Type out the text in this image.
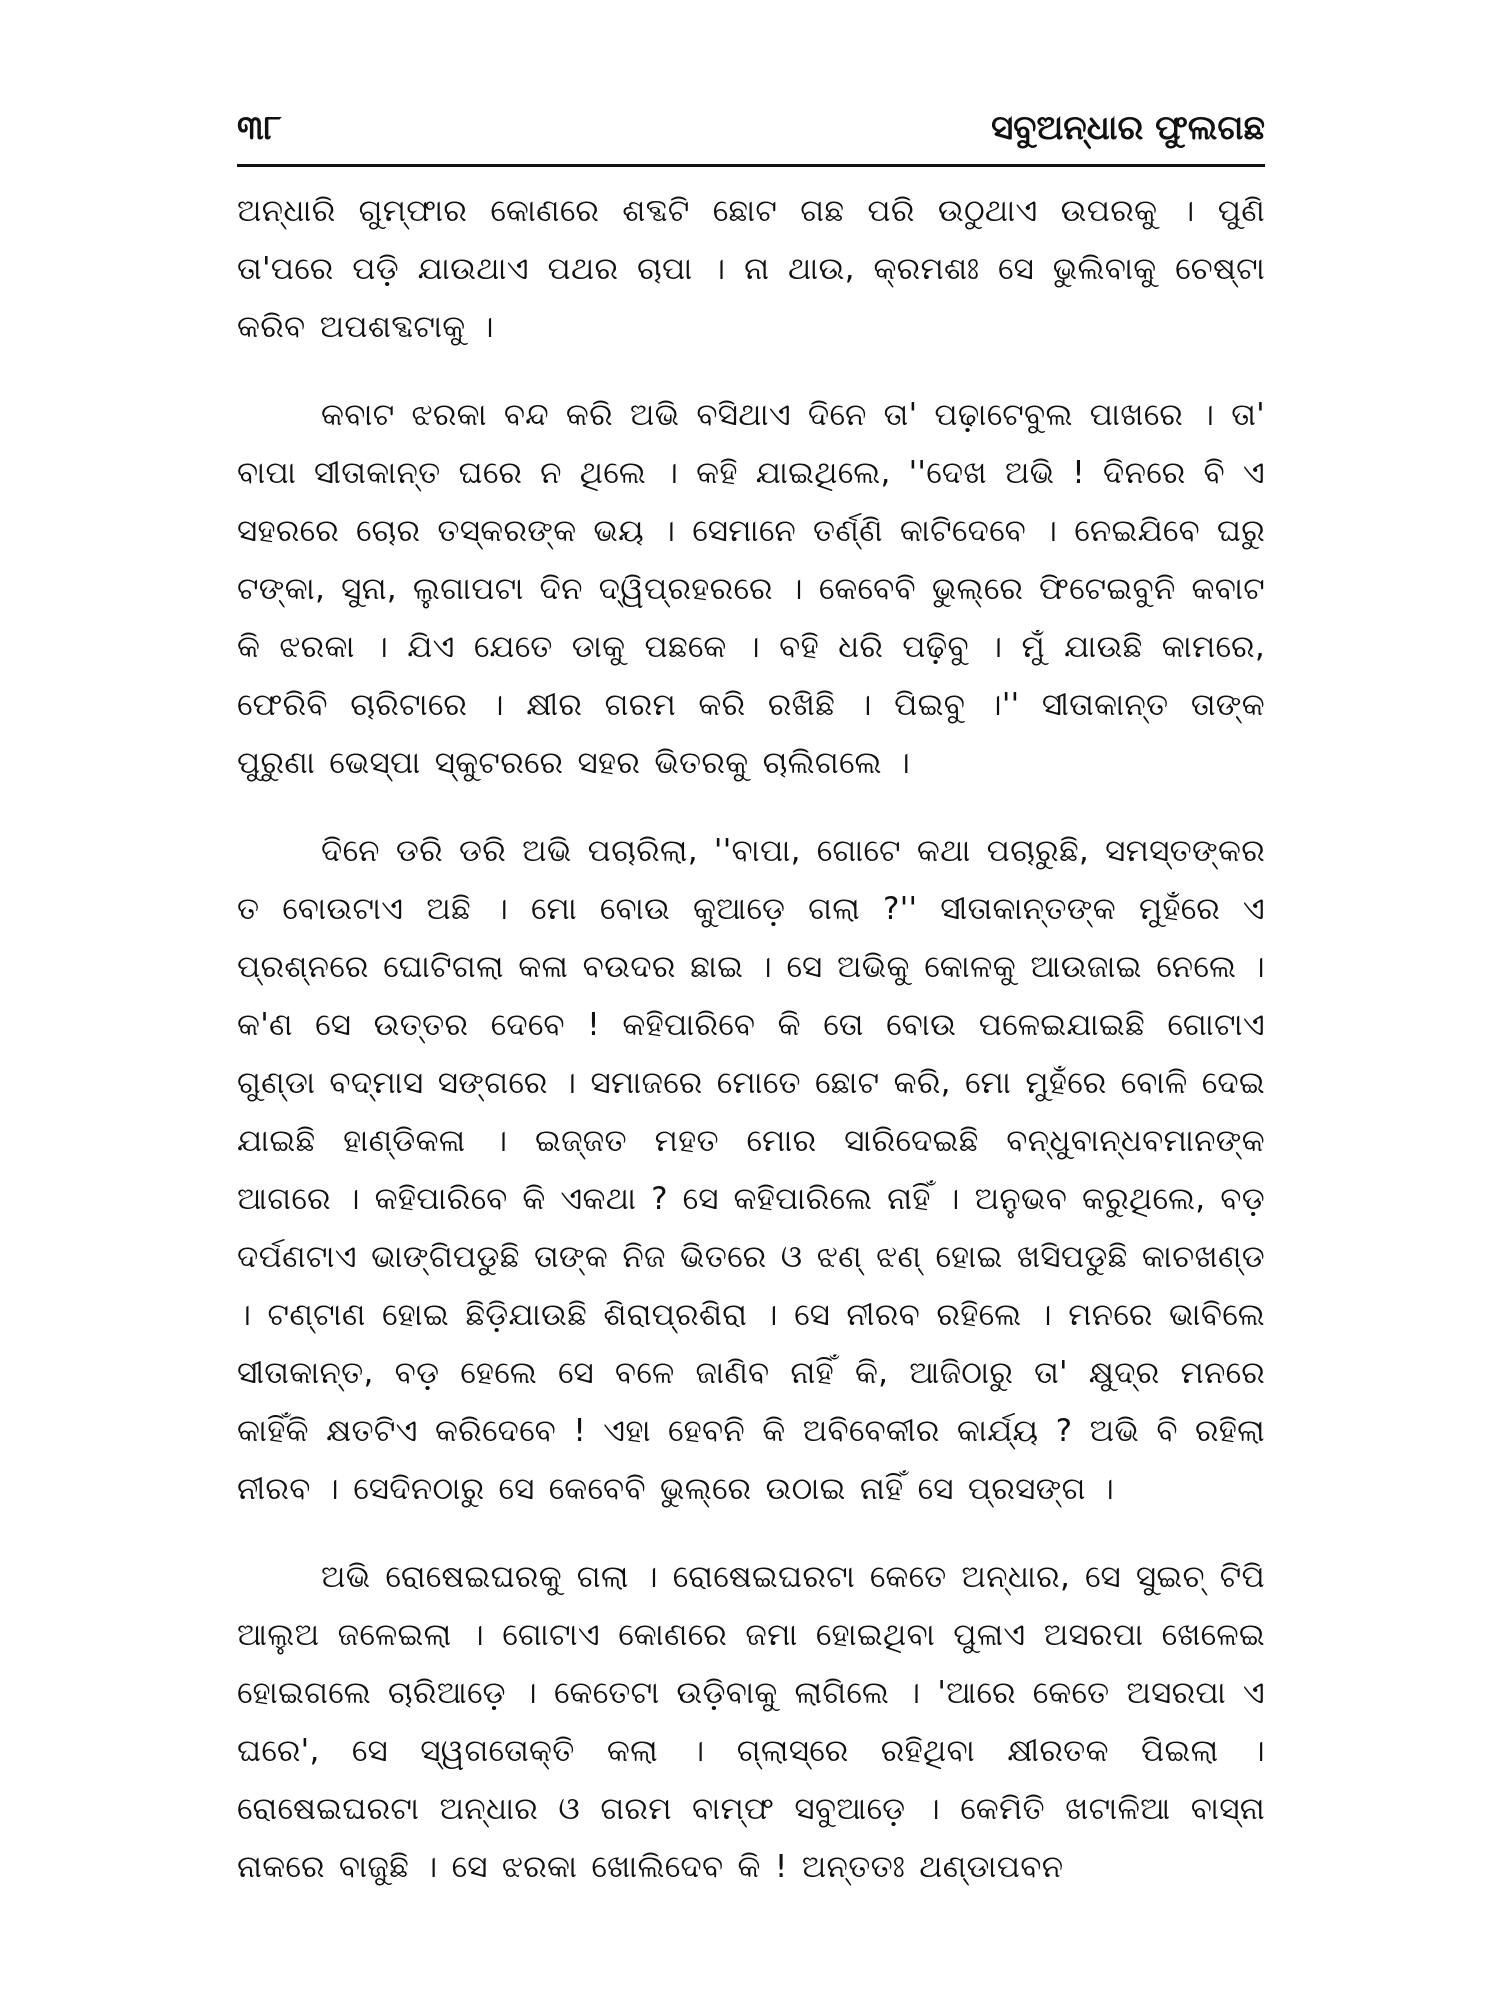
୩୮	ସବୁଅନ୍ଧାର ଫୁଲଗଛ

ଅନ୍ଧାରି ଗୁମ୍ଫାର କୋଣରେ ଶବ୍ଦଟି ଛୋଟ ଗଛ ପରି ଉଠୁଥାଏ ଉପରକୁ । ପୁଣି ତା'ପରେ ପଡ଼ି ଯାଉଥାଏ ପଥର ଚାପା । ନା ଥାଉ, କ୍ରମଶଃ ସେ ଭୁଲିବାକୁ ଚେଷ୍ଟା କରିବ ଅପଶବ୍ଦଟାକୁ ।

କବାଟ ଝରକା ବନ୍ଦ କରି ଅଭି ବସିଥାଏ ଦିନେ ତା' ପଢ଼ାଟେବୁଲ ପାଖରେ । ତା' ବାପା ସୀତାକାନ୍ତ ଘରେ ନ ଥିଲେ । କହି ଯାଇଥିଲେ, ''ଦେଖ ଅଭି ! ଦିନରେ ବି ଏ ସହରରେ ଚୋର ତସ୍କରଙ୍କ ଭୟ । ସେମାନେ ତର୍ଣ୍ଣି କାଟିଦେବେ । ନେଇଯିବେ ଘରୁ ଟଙ୍କା, ସୁନା, ଲୁଗାପଟା ଦିନ ଦ୍ୱିପ୍ରହରରେ । କେବେବି ଭୁଲ୍‌ରେ ଫିଟେଇବୁନି କବାଟ କି ଝରକା । ଯିଏ ଯେତେ ଡାକୁ ପଛକେ । ବହି ଧରି ପଢ଼ିବୁ । ମୁଁ ଯାଉଛି କାମରେ, ଫେରିବି ଚାରିଟାରେ । କ୍ଷୀର ଗରମ କରି ରଖିଛି । ପିଇବୁ ।'' ସୀତାକାନ୍ତ ତାଙ୍କ ପୁରୁଣା ଭେସ୍ପା ସ୍କୁଟରରେ ସହର ଭିତରକୁ ଚାଲିଗଲେ ।

ଦିନେ ଡରି ଡରି ଅଭି ପଚାରିଲା, ''ବାପା, ଗୋଟେ କଥା ପଚାରୁଛି, ସମସ୍ତଙ୍କର ତ ବୋଉଟାଏ ଅଛି । ମୋ ବୋଉ କୁଆଡ଼େ ଗଲା ?'' ସୀତାକାନ୍ତଙ୍କ ମୁହଁରେ ଏ ପ୍ରଶ୍ନରେ ଘୋଟିଗଲା କଳା ବଉଦର ଛାଇ । ସେ ଅଭିକୁ କୋଳକୁ ଆଉଜାଇ ନେଲେ । କ'ଣ ସେ ଉତ୍ତର ଦେବେ ! କହିପାରିବେ କି ତୋ ବୋଉ ପଳେଇଯାଇଛି ଗୋଟାଏ ଗୁଣ୍ଡା ବଦ୍‌ମାସ ସଙ୍ଗରେ । ସମାଜରେ ମୋତେ ଛୋଟ କରି, ମୋ ମୁହଁରେ ବୋଳି ଦେଇ ଯାଇଛି ହାଣ୍ଡିକଳା । ଇଜ୍ଜତ ମହତ ମୋର ସାରିଦେଇଛି ବନ୍ଧୁବାନ୍ଧବମାନଙ୍କ ଆଗରେ । କହିପାରିବେ କି ଏକଥା ? ସେ କହିପାରିଲେ ନାହିଁ । ଅନୁଭବ କରୁଥିଲେ, ବଡ଼ ଦର୍ପଣଟାଏ ଭାଙ୍ଗିପଡୁଛି ତାଙ୍କ ନିଜ ଭିତରେ ଓ ଝଣ୍ ଝଣ୍ ହୋଇ ଖସିପଡୁଛି କାଚଖଣ୍ଡ । ଟଣ୍ଟାଣ ହୋଇ ଛିଡ଼ିଯାଉଛି ଶିରାପ୍ରଶିରା । ସେ ନୀରବ ରହିଲେ । ମନରେ ଭାବିଲେ ସୀତାକାନ୍ତ, ବଡ଼ ହେଲେ ସେ ବଳେ ଜାଣିବ ନାହିଁ କି, ଆଜିଠାରୁ ତା' କ୍ଷୁଦ୍ର ମନରେ କାହିଁକି କ୍ଷତଟିଏ କରିଦେବେ ! ଏହା ହେବନି କି ଅବିବେକୀର କାର୍ଯ୍ୟ ? ଅଭି ବି ରହିଲା ନୀରବ । ସେଦିନଠାରୁ ସେ କେବେବି ଭୁଲ୍‌ରେ ଉଠାଇ ନାହିଁ ସେ ପ୍ରସଙ୍ଗ ।

ଅଭି ରୋଷେଇଘରକୁ ଗଲା । ରୋଷେଇଘରଟା କେତେ ଅନ୍ଧାର, ସେ ସୁଇଚ୍ ଟିପି ଆଲୁଅ ଜଳେଇଲା । ଗୋଟାଏ କୋଣରେ ଜମା ହୋଇଥିବା ପୁଳାଏ ଅସରପା ଖେଳେଇ ହୋଇଗଲେ ଚାରିଆଡ଼େ । କେତେଟା ଉଡ଼ିବାକୁ ଲାଗିଲେ । 'ଆରେ କେତେ ଅସରପା ଏ ଘରେ', ସେ ସ୍ୱଗତୋକ୍ତି କଲା । ଗ୍ଲାସ୍‌ରେ ରହିଥିବା କ୍ଷୀରତକ ପିଇଲା । ରୋଷେଇଘରଟା ଅନ୍ଧାର ଓ ଗରମ ବାମ୍ଫ ସବୁଆଡ଼େ । କେମିତି ଖଟାଳିଆ ବାସ୍ନା ନାକରେ ବାଜୁଛି । ସେ ଝରକା ଖୋଲିଦେବ କି ! ଅନ୍ତତଃ ଥଣ୍ଡାପବନ
